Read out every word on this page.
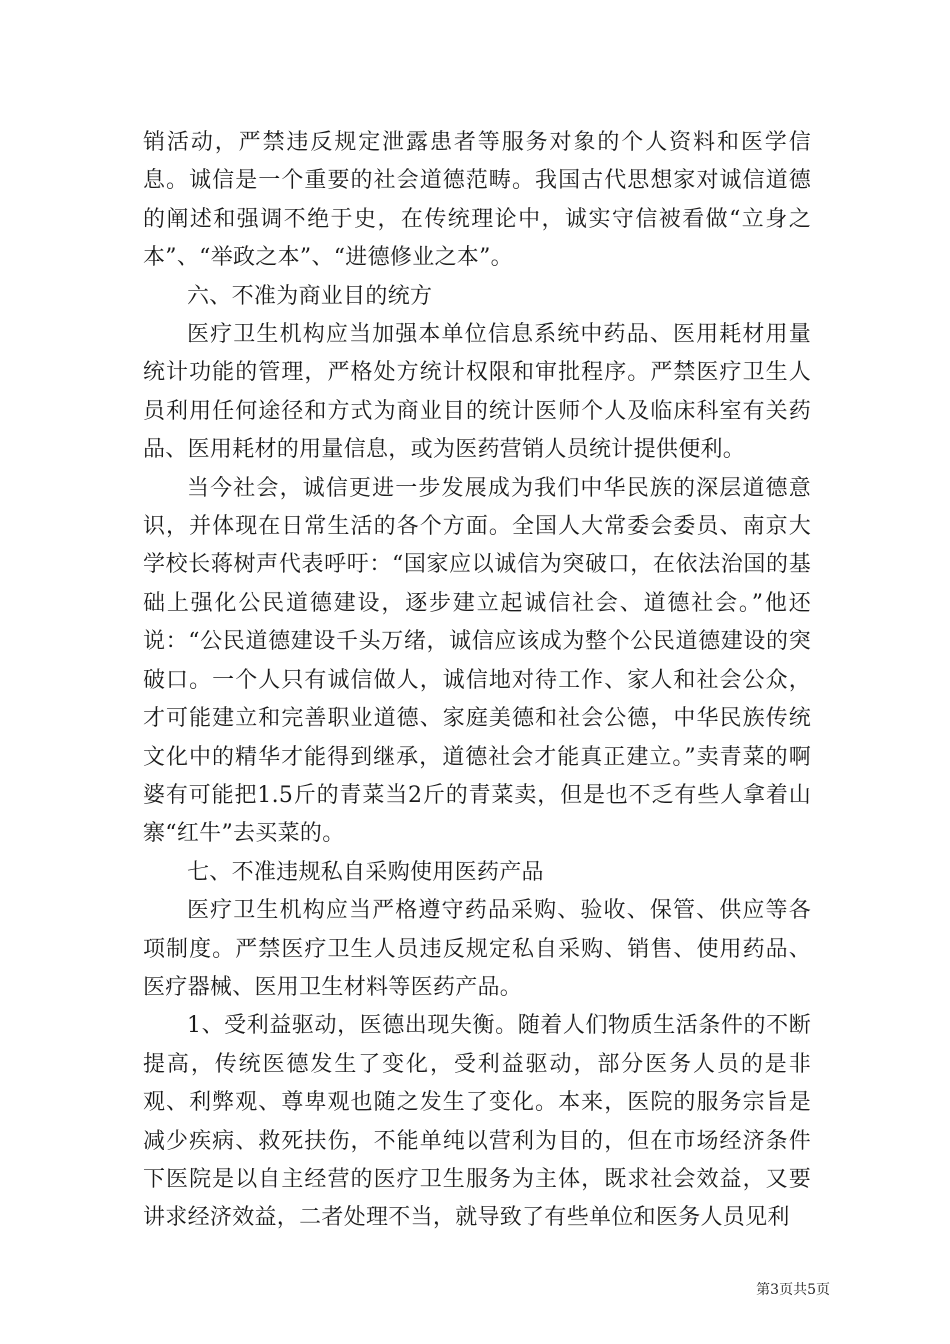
销活动，严禁违反规定泄露患者等服务对象的个人资料和医学信息。诚信是一个重要的社会道德范畴。我国古代思想家对诚信道德的阐述和强调不绝于史，在传统理论中，诚实守信被看做“立身之本”、“举政之本”、“进德修业之本”。

六、不准为商业目的统方

医疗卫生机构应当加强本单位信息系统中药品、医用耗材用量统计功能的管理，严格处方统计权限和审批程序。严禁医疗卫生人员利用任何途径和方式为商业目的统计医师个人及临床科室有关药品、医用耗材的用量信息，或为医药营销人员统计提供便利。

当今社会，诚信更进一步发展成为我们中华民族的深层道德意识，并体现在日常生活的各个方面。全国人大常委会委员、南京大学校长蒋树声代表呼吁：“国家应以诚信为突破口，在依法治国的基础上强化公民道德建设，逐步建立起诚信社会、道德社会。”他还说：“公民道德建设千头万绪，诚信应该成为整个公民道德建设的突破口。一个人只有诚信做人，诚信地对待工作、家人和社会公众，才可能建立和完善职业道德、家庭美德和社会公德，中华民族传统文化中的精华才能得到继承，道德社会才能真正建立。”卖青菜的啊婆有可能把1.5斤的青菜当2斤的青菜卖，但是也不乏有些人拿着山寨“红牛”去买菜的。

七、不准违规私自采购使用医药产品

医疗卫生机构应当严格遵守药品采购、验收、保管、供应等各项制度。严禁医疗卫生人员违反规定私自采购、销售、使用药品、医疗器械、医用卫生材料等医药产品。

1、受利益驱动，医德出现失衡。随着人们物质生活条件的不断提高，传统医德发生了变化，受利益驱动，部分医务人员的是非观、利弊观、尊卑观也随之发生了变化。本来，医院的服务宗旨是减少疾病、救死扶伤，不能单纯以营利为目的，但在市场经济条件下医院是以自主经营的医疗卫生服务为主体，既求社会效益，又要讲求经济效益，二者处理不当，就导致了有些单位和医务人员见利

第3页共5页
